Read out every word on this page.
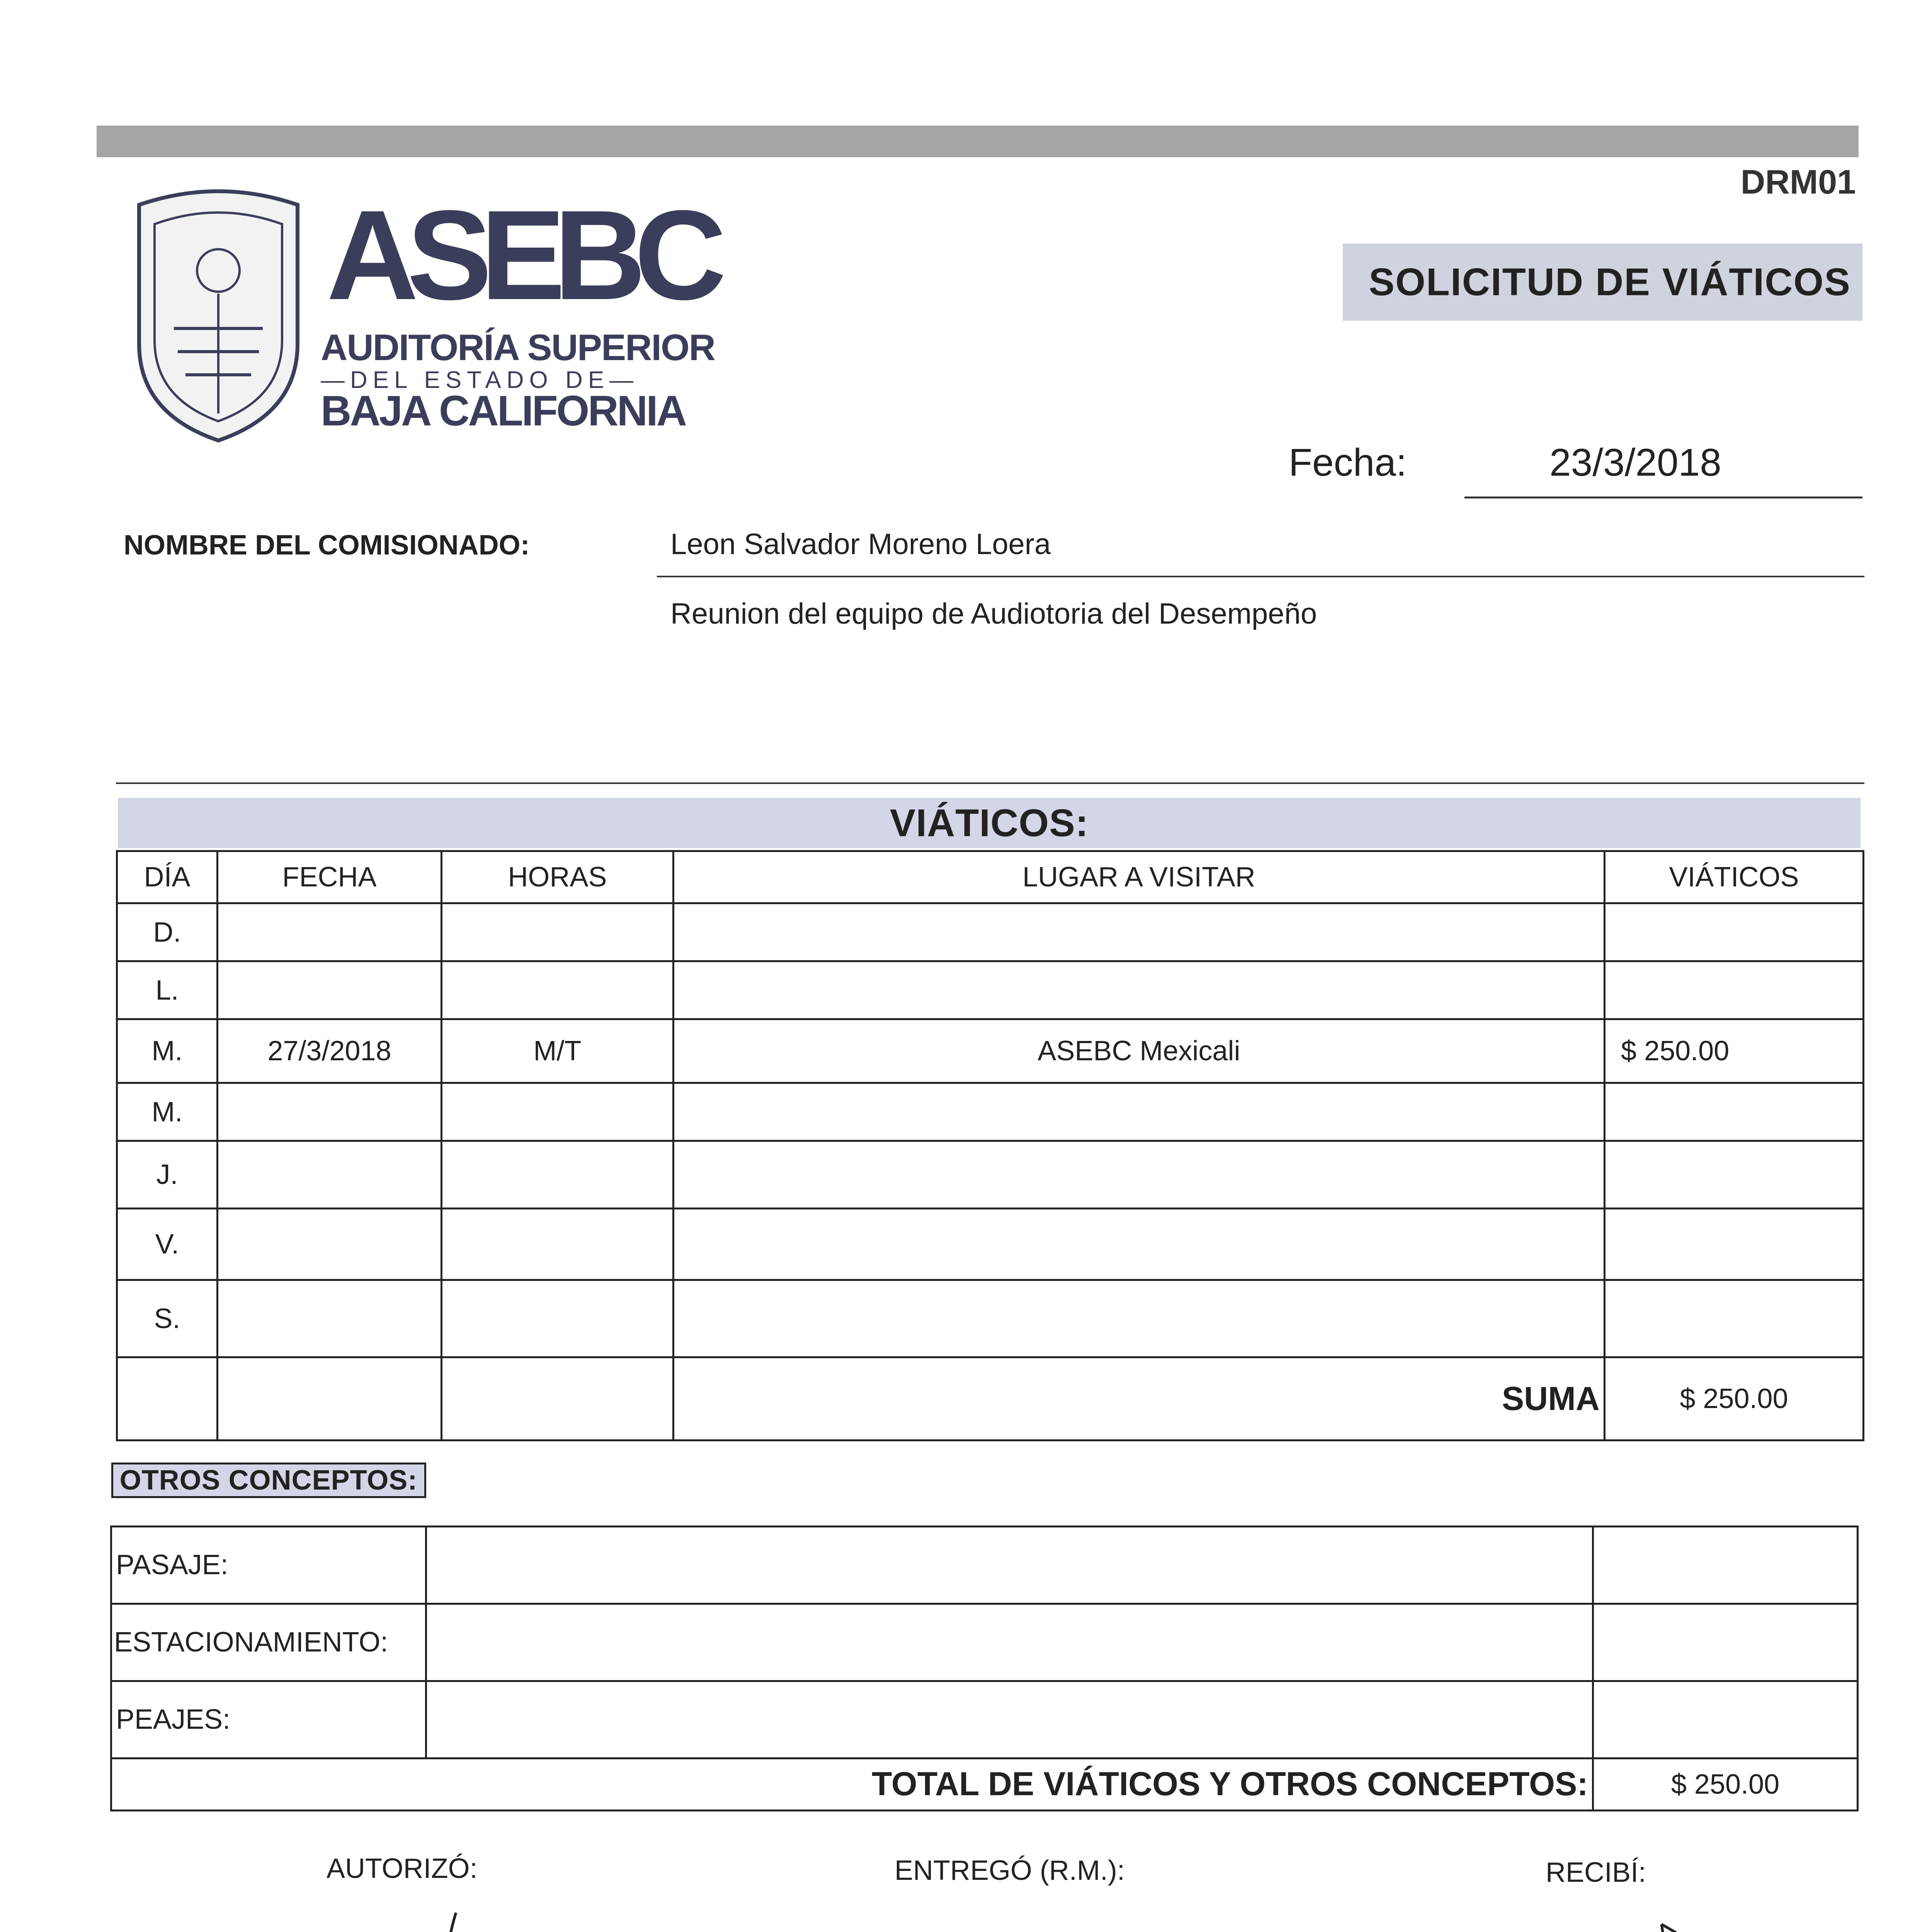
DRM01
ASEBC
AUDITORÍA SUPERIOR
—DEL ESTADO DE—
BAJA CALIFORNIA
SOLICITUD DE VIÁTICOS
Fecha:	23/3/2018
NOMBRE DEL COMISIONADO:	Leon Salvador Moreno Loera
Reunion del equipo de Audiotoria del Desempeño
VIÁTICOS:
DÍA	FECHA	HORAS	LUGAR A VISITAR	VIÁTICOS
D.				
L.				
M.	27/3/2018	M/T	ASEBC Mexicali	$ 250.00
M.				
J.				
V.				
S.				
			SUMA	$ 250.00
OTROS CONCEPTOS:

PASAJE:		
ESTACIONAMIENTO:		
PEAJES:		
TOTAL DE VIÁTICOS Y OTROS CONCEPTOS:		$ 250.00
AUTORIZÓ:	ENTREGÓ (R.M.):	RECIBÍ:
